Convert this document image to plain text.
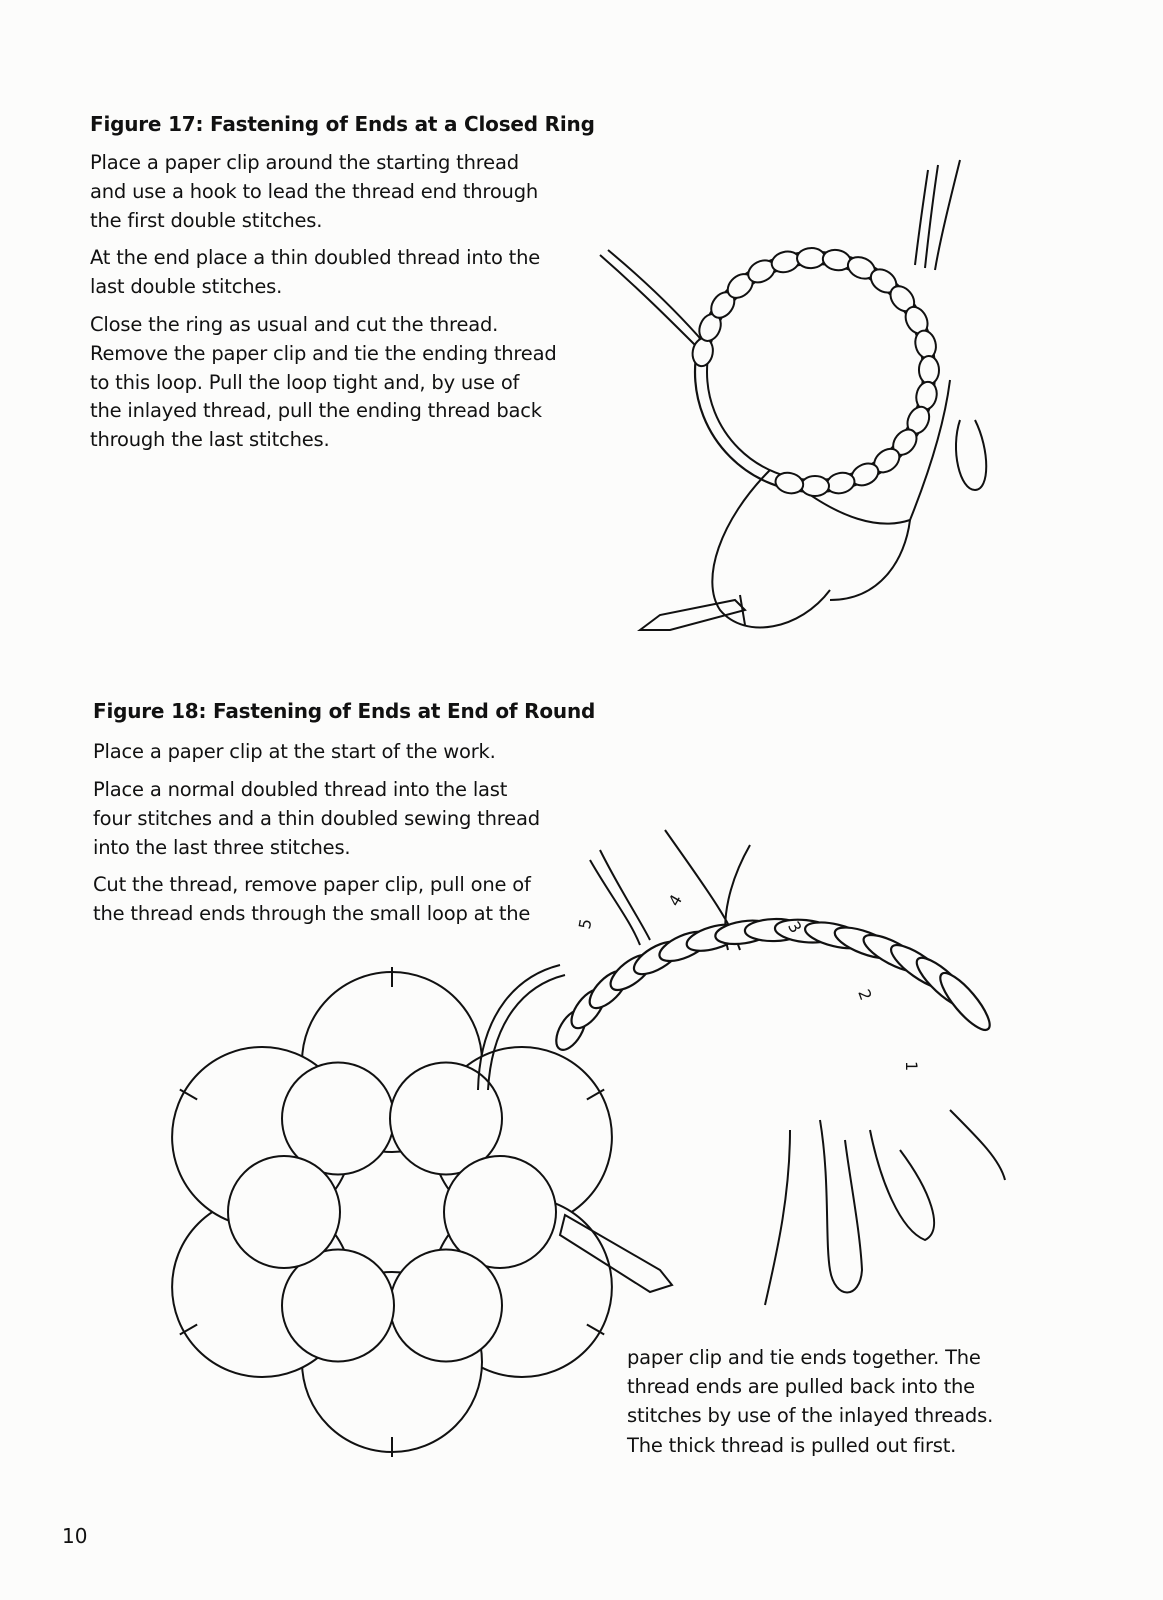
Figure 17: Fastening of Ends at a Closed Ring
Place a paper clip around the starting thread
and use a hook to lead the thread end through
the first double stitches.
At the end place a thin doubled thread into the
last double stitches.
Close the ring as usual and cut the thread.
Remove the paper clip and tie the ending thread
to this loop. Pull the loop tight and, by use of
the inlayed thread, pull the ending thread back
through the last stitches.
Figure 18: Fastening of Ends at End of Round
Place a paper clip at the start of the work.
Place a normal doubled thread into the last
four stitches and a thin doubled sewing thread
into the last three stitches.
Cut the thread, remove paper clip, pull one of
the thread ends through the small loop at the
paper clip and tie ends together. The
thread ends are pulled back into the
stitches by use of the inlayed threads.
The thick thread is pulled out first.
5
4
3
2
1
10
